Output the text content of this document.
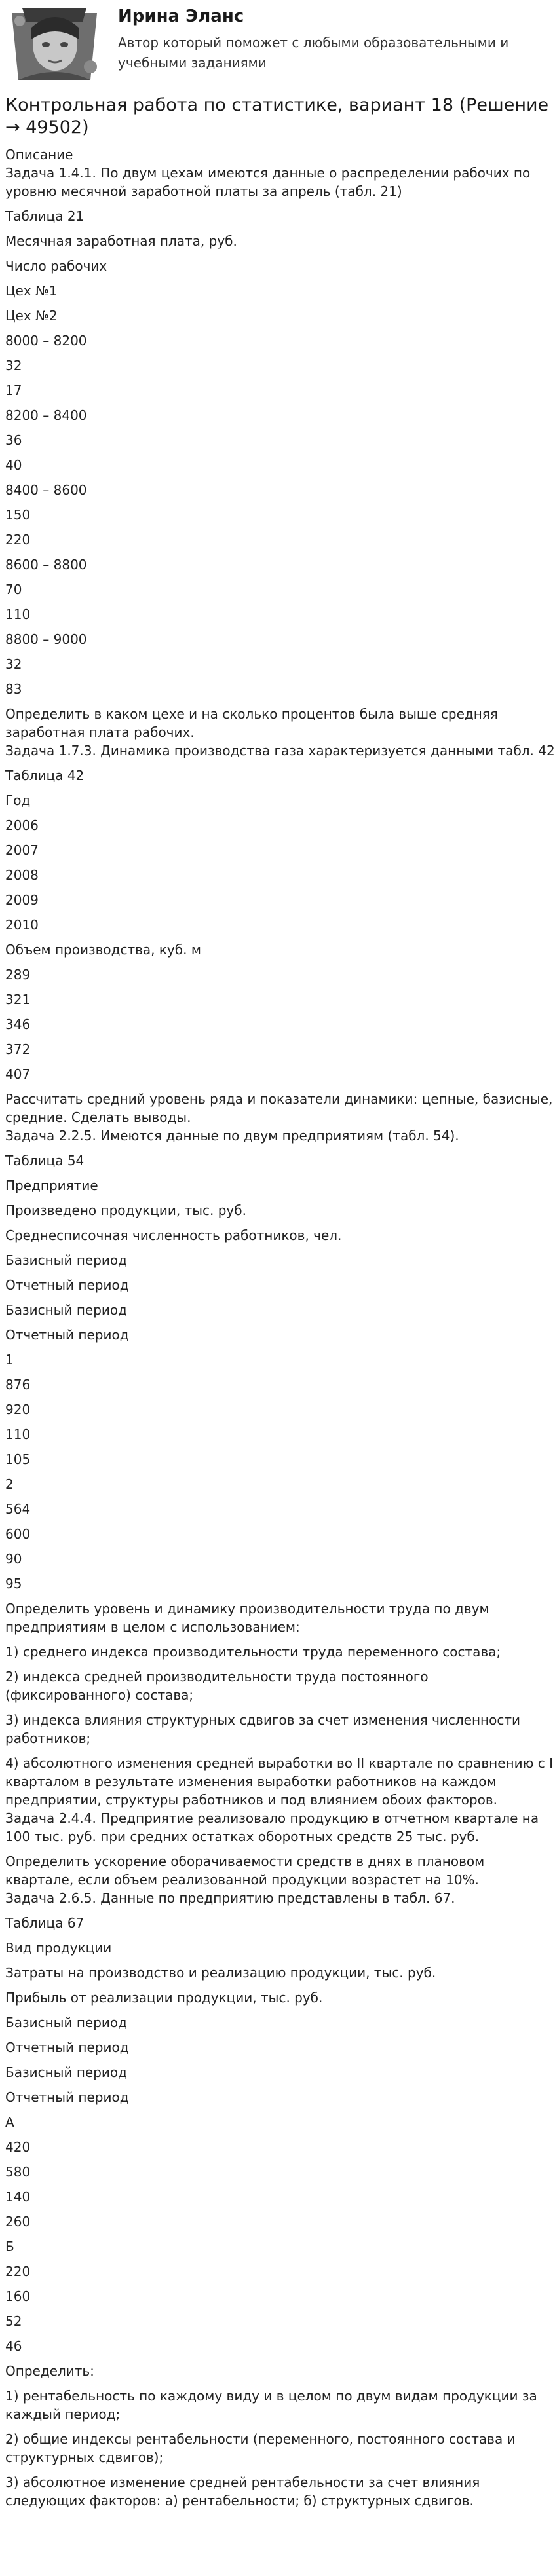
Ирина Эланс
Автор который поможет с любыми образовательными и учебными заданиями
Контрольная работа по статистике, вариант 18 (Решение → 49502)

Описание

Задача 1.4.1. По двум цехам имеются данные о распределении рабочих по уровню месячной заработной платы за апрель (табл. 21)

Таблица 21

Месячная заработная плата, руб.

Число рабочих

Цех №1

Цех №2

8000 – 8200

32

17

8200 – 8400

36

40

8400 – 8600

150

220

8600 – 8800

70

110

8800 – 9000

32

83

Определить в каком цехе и на сколько процентов была выше средняя заработная плата рабочих.

Задача 1.7.3. Динамика производства газа характеризуется данными табл. 42

Таблица 42

Год

2006

2007

2008

2009

2010

Объем производства, куб. м

289

321

346

372

407

Рассчитать средний уровень ряда и показатели динамики: цепные, базисные, средние. Сделать выводы.

Задача 2.2.5. Имеются данные по двум предприятиям (табл. 54).

Таблица 54

Предприятие

Произведено продукции, тыс. руб.

Среднесписочная численность работников, чел.

Базисный период

Отчетный период

Базисный период

Отчетный период

1

876

920

110

105

2

564

600

90

95

Определить уровень и динамику производительности труда по двум предприятиям в целом с использованием:

1) среднего индекса производительности труда переменного состава;

2) индекса средней производительности труда постоянного (фиксированного) состава;

3) индекса влияния структурных сдвигов за счет изменения численности работников;

4) абсолютного изменения средней выработки во II квартале по сравнению с I кварталом в результате изменения выработки работников на каждом предприятии, структуры работников и под влиянием обоих факторов.

Задача 2.4.4. Предприятие реализовало продукцию в отчетном квартале на 100 тыс. руб. при средних остатках оборотных средств 25 тыс. руб.

Определить ускорение оборачиваемости средств в днях в плановом квартале, если объем реализованной продукции возрастет на 10%.

Задача 2.6.5. Данные по предприятию представлены в табл. 67.

Таблица 67

Вид продукции

Затраты на производство и реализацию продукции, тыс. руб.

Прибыль от реализации продукции, тыс. руб.

Базисный период

Отчетный период

Базисный период

Отчетный период

А

420

580

140

260

Б

220

160

52

46

Определить:

1) рентабельность по каждому виду и в целом по двум видам продукции за каждый период;

2) общие индексы рентабельности (переменного, постоянного состава и структурных сдвигов);

3) абсолютное изменение средней рентабельности за счет влияния следующих факторов: а) рентабельности; б) структурных сдвигов.
